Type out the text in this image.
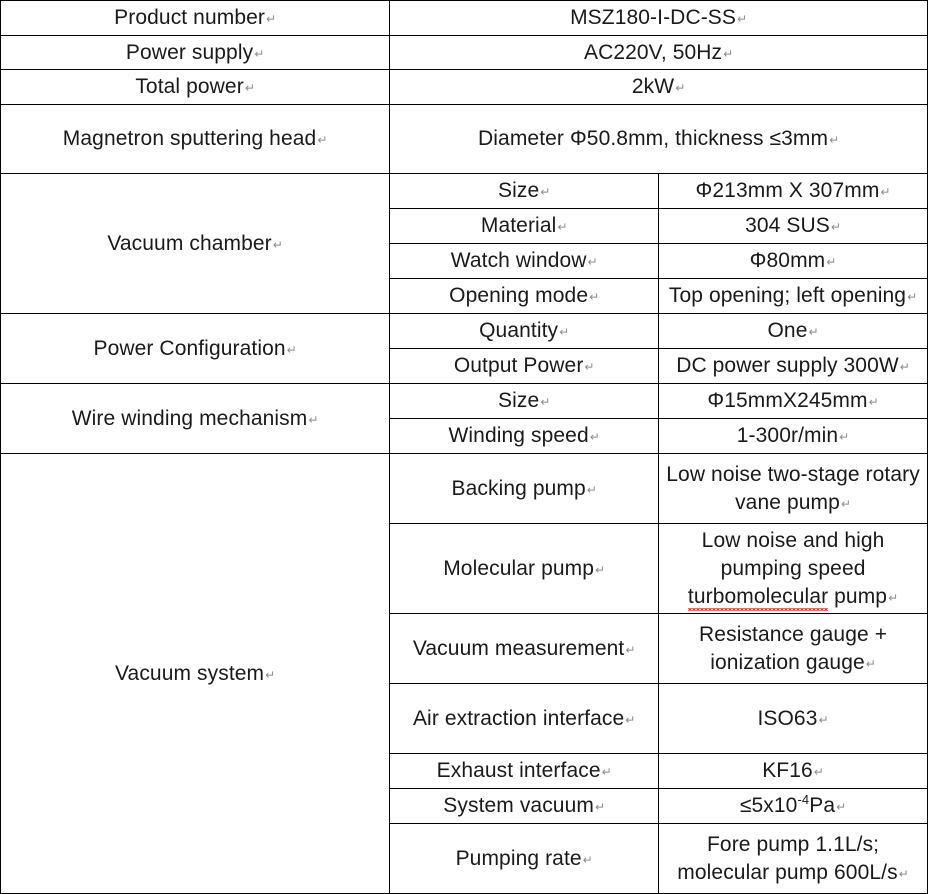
Product number↵	MSZ180-I-DC-SS↵	
Power supply↵	AC220V, 50Hz↵	
Total power↵	2kW↵	
Magnetron sputtering head↵	Diameter Φ50.8mm, thickness ≤3mm↵	
Vacuum chamber↵	Size↵	Φ213mm X 307mm↵
	Material↵	304 SUS↵
	Watch window↵	Φ80mm↵
	Opening mode↵	Top opening; left opening↵
Power Configuration↵	Quantity↵	One↵
	Output Power↵	DC power supply 300W↵
Wire winding mechanism↵	Size↵	Φ15mmX245mm↵
	Winding speed↵	1-300r/min↵
Vacuum system↵	Backing pump↵	Low noise two-stage rotary vane pump↵
	Molecular pump↵	Low noise and high pumping speed turbomolecular pump↵
	Vacuum measurement↵	Resistance gauge + ionization gauge↵
	Air extraction interface↵	ISO63↵
	Exhaust interface↵	KF16↵
	System vacuum↵	$\le 5x10^{-4}Pa↵$
	Pumping rate↵	Fore pump 1.1L/s; molecular pump 600L/s↵
